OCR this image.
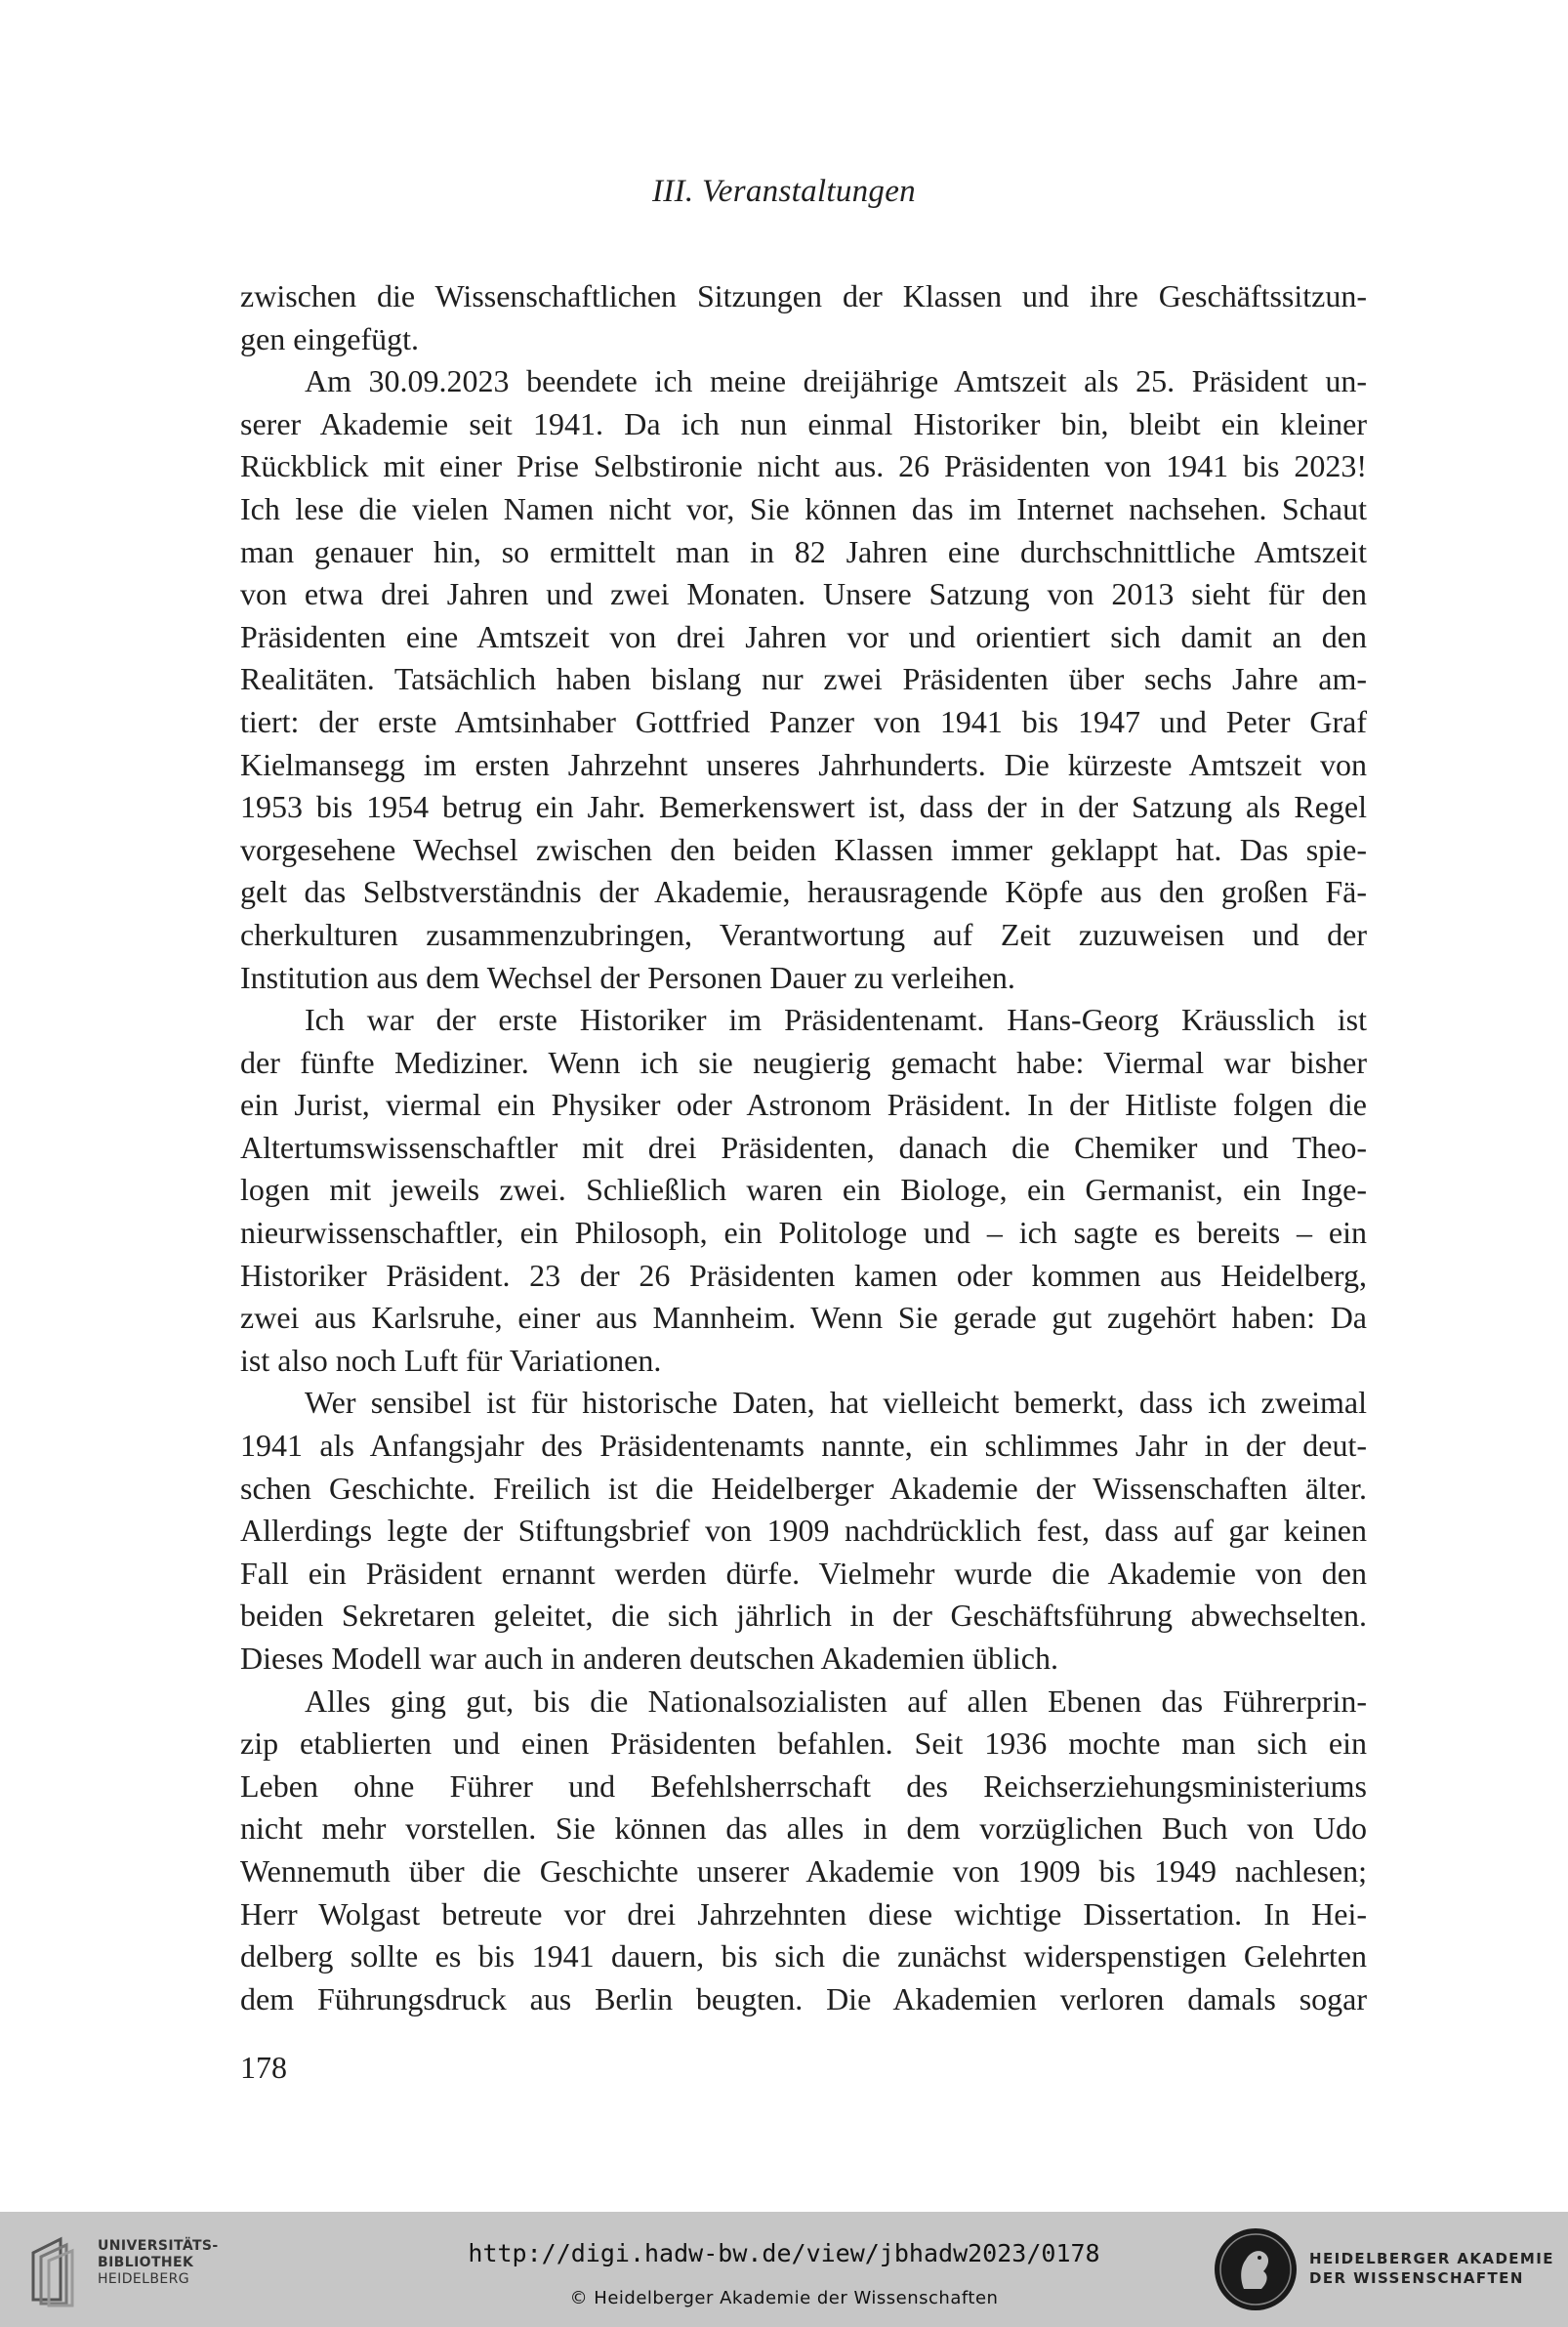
III. Veranstaltungen
zwischen die Wissenschaftlichen Sitzungen der Klassen und ihre Geschäftssitzun-
gen eingefügt.
Am 30.09.2023 beendete ich meine dreijährige Amtszeit als 25. Präsident un-
serer Akademie seit 1941. Da ich nun einmal Historiker bin, bleibt ein kleiner
Rückblick mit einer Prise Selbstironie nicht aus. 26 Präsidenten von 1941 bis 2023!
Ich lese die vielen Namen nicht vor, Sie können das im Internet nachsehen. Schaut
man genauer hin, so ermittelt man in 82 Jahren eine durchschnittliche Amtszeit
von etwa drei Jahren und zwei Monaten. Unsere Satzung von 2013 sieht für den
Präsidenten eine Amtszeit von drei Jahren vor und orientiert sich damit an den
Realitäten. Tatsächlich haben bislang nur zwei Präsidenten über sechs Jahre am-
tiert: der erste Amtsinhaber Gottfried Panzer von 1941 bis 1947 und Peter Graf
Kielmansegg im ersten Jahrzehnt unseres Jahrhunderts. Die kürzeste Amtszeit von
1953 bis 1954 betrug ein Jahr. Bemerkenswert ist, dass der in der Satzung als Regel
vorgesehene Wechsel zwischen den beiden Klassen immer geklappt hat. Das spie-
gelt das Selbstverständnis der Akademie, herausragende Köpfe aus den großen Fä-
cherkulturen zusammenzubringen, Verantwortung auf Zeit zuzuweisen und der
Institution aus dem Wechsel der Personen Dauer zu verleihen.
Ich war der erste Historiker im Präsidentenamt. Hans-Georg Kräusslich ist
der fünfte Mediziner. Wenn ich sie neugierig gemacht habe: Viermal war bisher
ein Jurist, viermal ein Physiker oder Astronom Präsident. In der Hitliste folgen die
Altertumswissenschaftler mit drei Präsidenten, danach die Chemiker und Theo-
logen mit jeweils zwei. Schließlich waren ein Biologe, ein Germanist, ein Inge-
nieurwissenschaftler, ein Philosoph, ein Politologe und – ich sagte es bereits – ein
Historiker Präsident. 23 der 26 Präsidenten kamen oder kommen aus Heidelberg,
zwei aus Karlsruhe, einer aus Mannheim. Wenn Sie gerade gut zugehört haben: Da
ist also noch Luft für Variationen.
Wer sensibel ist für historische Daten, hat vielleicht bemerkt, dass ich zweimal
1941 als Anfangsjahr des Präsidentenamts nannte, ein schlimmes Jahr in der deut-
schen Geschichte. Freilich ist die Heidelberger Akademie der Wissenschaften älter.
Allerdings legte der Stiftungsbrief von 1909 nachdrücklich fest, dass auf gar keinen
Fall ein Präsident ernannt werden dürfe. Vielmehr wurde die Akademie von den
beiden Sekretaren geleitet, die sich jährlich in der Geschäftsführung abwechselten.
Dieses Modell war auch in anderen deutschen Akademien üblich.
Alles ging gut, bis die Nationalsozialisten auf allen Ebenen das Führerprin-
zip etablierten und einen Präsidenten befahlen. Seit 1936 mochte man sich ein
Leben ohne Führer und Befehlsherrschaft des Reichserziehungsministeriums
nicht mehr vorstellen. Sie können das alles in dem vorzüglichen Buch von Udo
Wennemuth über die Geschichte unserer Akademie von 1909 bis 1949 nachlesen;
Herr Wolgast betreute vor drei Jahrzehnten diese wichtige Dissertation. In Hei-
delberg sollte es bis 1941 dauern, bis sich die zunächst widerspenstigen Gelehrten
dem Führungsdruck aus Berlin beugten. Die Akademien verloren damals sogar
178
UNIVERSITÄTS-
BIBLIOTHEK
HEIDELBERG
http://digi.hadw-bw.de/view/jbhadw2023/0178
© Heidelberger Akademie der Wissenschaften
HEIDELBERGER AKADEMIE
DER WISSENSCHAFTEN
